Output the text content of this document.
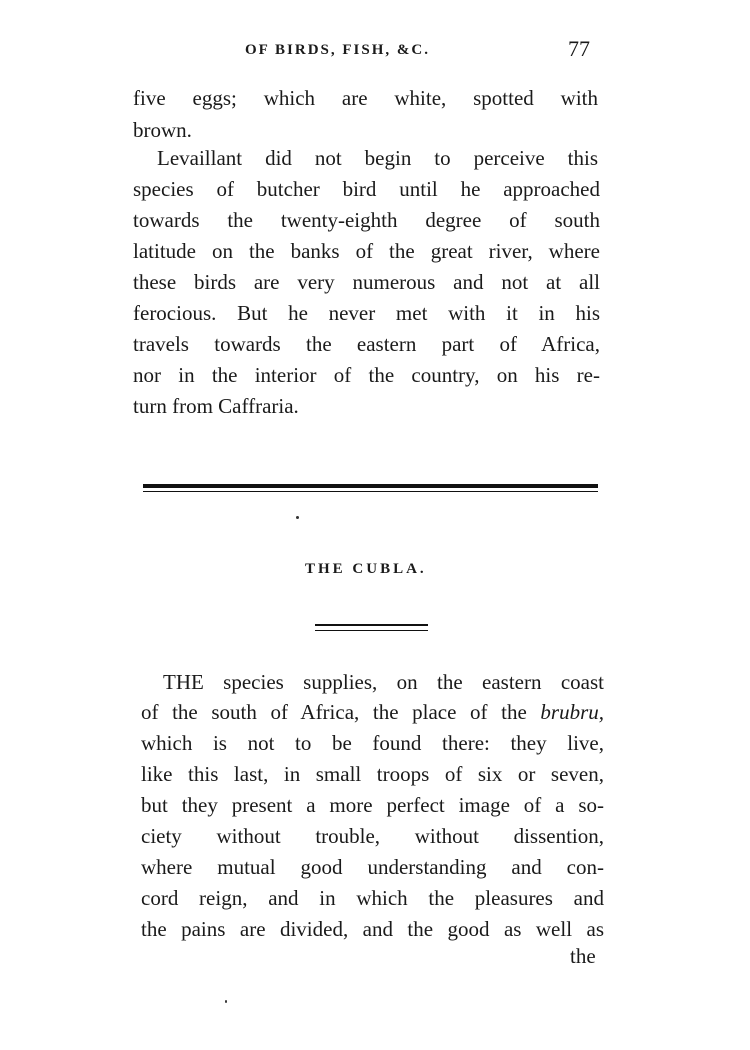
OF BIRDS, FISH, &C.	77
five eggs; which are white, spotted with
brown.
Levaillant did not begin to perceive this
species of butcher bird until he approached
towards the twenty-eighth degree of south
latitude on the banks of the great river, where
these birds are very numerous and not at all
ferocious. But he never met with it in his
travels towards the eastern part of Africa,
nor in the interior of the country, on his re-
turn from Caffraria.
THE CUBLA.
THE species supplies, on the eastern coast
of the south of Africa, the place of the brubru,
which is not to be found there: they live,
like this last, in small troops of six or seven,
but they present a more perfect image of a so-
ciety without trouble, without dissention,
where mutual good understanding and con-
cord reign, and in which the pleasures and
the pains are divided, and the good as well as
the
